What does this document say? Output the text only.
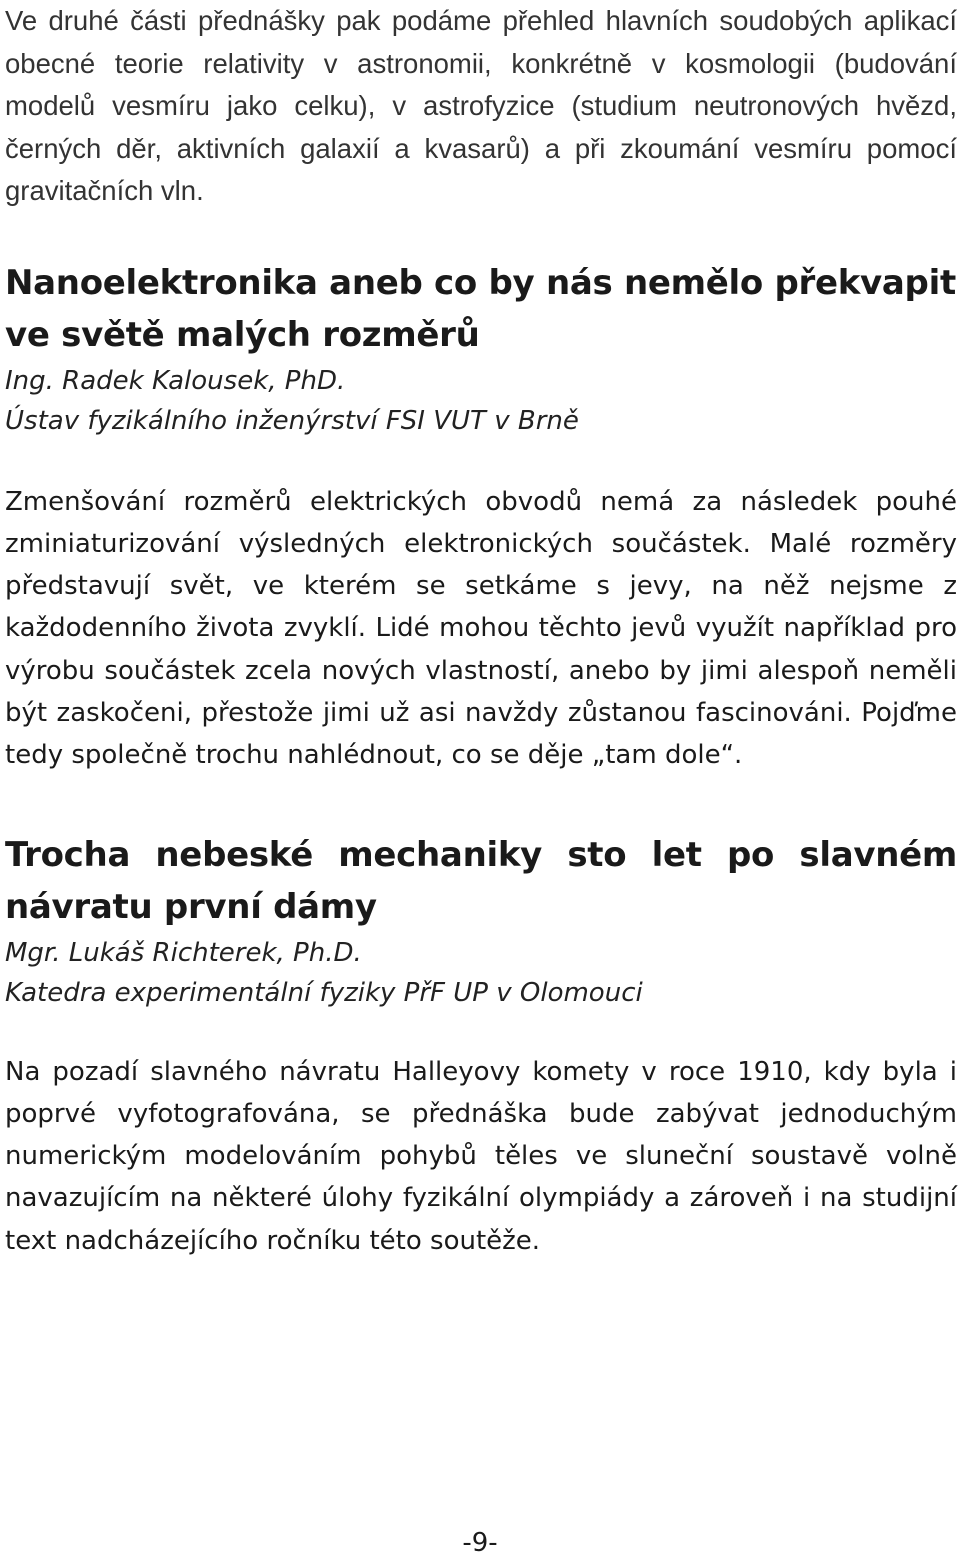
Ve druhé části přednášky pak podáme přehled hlavních soudobých aplikací obecné teorie relativity v astronomii, konkrétně v kosmologii (budování modelů vesmíru jako celku), v astrofyzice (studium neutronových hvězd, černých děr, aktivních galaxií a kvasarů) a při zkoumání vesmíru pomocí gravitačních vln.

Nanoelektronika aneb co by nás nemělo překvapit ve světě malých rozměrů

Ing. Radek Kalousek, PhD.

Ústav fyzikálního inženýrství FSI VUT v Brně

Zmenšování rozměrů elektrických obvodů nemá za následek pouhé zminiaturizování výsledných elektronických součástek. Malé rozměry představují svět, ve kterém se setkáme s jevy, na něž nejsme z každodenního života zvyklí. Lidé mohou těchto jevů využít například pro výrobu součástek zcela nových vlastností, anebo by jimi alespoň neměli být zaskočeni, přestože jimi už asi navždy zůstanou fascinováni. Pojďme tedy společně trochu nahlédnout, co se děje „tam dole“.

Trocha nebeské mechaniky sto let po slavném návratu první dámy

Mgr. Lukáš Richterek, Ph.D.

Katedra experimentální fyziky PřF UP v Olomouci

Na pozadí slavného návratu Halleyovy komety v roce 1910, kdy byla i poprvé vyfotografována, se přednáška bude zabývat jednoduchým numerickým modelováním pohybů těles ve sluneční soustavě volně navazujícím na některé úlohy fyzikální olympiády a zároveň i na studijní text nadcházejícího ročníku této soutěže.

-9-
